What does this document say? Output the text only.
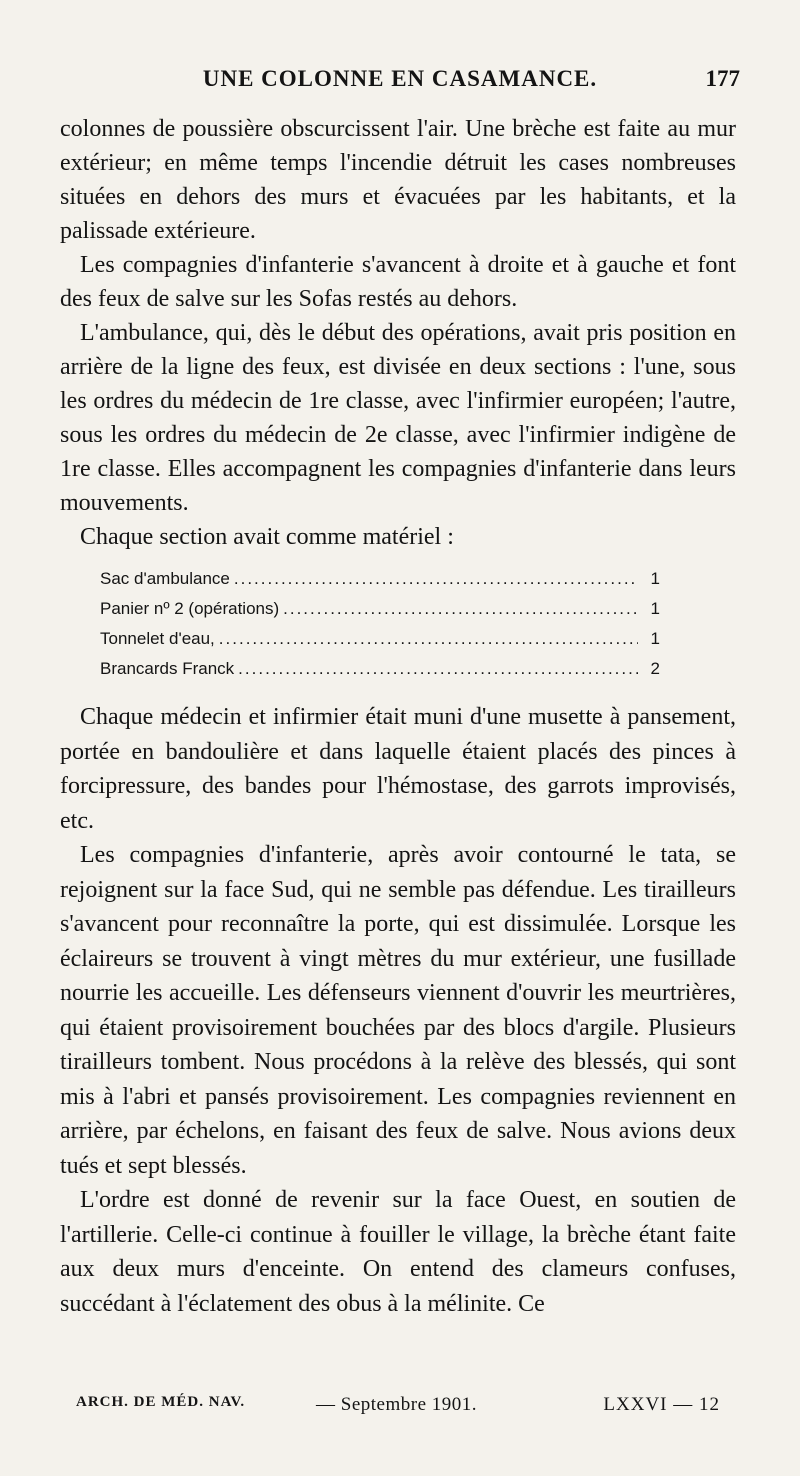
UNE COLONNE EN CASAMANCE.	177

colonnes de poussière obscurcissent l'air. Une brèche est faite au mur extérieur; en même temps l'incendie détruit les cases nombreuses situées en dehors des murs et évacuées par les habitants, et la palissade extérieure.

Les compagnies d'infanterie s'avancent à droite et à gauche et font des feux de salve sur les Sofas restés au dehors.

L'ambulance, qui, dès le début des opérations, avait pris position en arrière de la ligne des feux, est divisée en deux sections : l'une, sous les ordres du médecin de 1re classe, avec l'infirmier européen; l'autre, sous les ordres du médecin de 2e classe, avec l'infirmier indigène de 1re classe. Elles accompagnent les compagnies d'infanterie dans leurs mouvements.

Chaque section avait comme matériel :

Sac d'ambulance .....	1
Panier nº 2 (opérations) .....	1
Tonnelet d'eau, .....	1
Brancards Franck .....	2

Chaque médecin et infirmier était muni d'une musette à pansement, portée en bandoulière et dans laquelle étaient placés des pinces à forcipressure, des bandes pour l'hémostase, des garrots improvisés, etc.

Les compagnies d'infanterie, après avoir contourné le tata, se rejoignent sur la face Sud, qui ne semble pas défendue. Les tirailleurs s'avancent pour reconnaître la porte, qui est dissimulée. Lorsque les éclaireurs se trouvent à vingt mètres du mur extérieur, une fusillade nourrie les accueille. Les défenseurs viennent d'ouvrir les meurtrières, qui étaient provisoirement bouchées par des blocs d'argile. Plusieurs tirailleurs tombent. Nous procédons à la relève des blessés, qui sont mis à l'abri et pansés provisoirement. Les compagnies reviennent en arrière, par échelons, en faisant des feux de salve. Nous avions deux tués et sept blessés.

L'ordre est donné de revenir sur la face Ouest, en soutien de l'artillerie. Celle-ci continue à fouiller le village, la brèche étant faite aux deux murs d'enceinte. On entend des clameurs confuses, succédant à l'éclatement des obus à la mélinite. Ce

ARCH. DE MÉD. NAV.	— Septembre 1901.	LXXVI — 12
